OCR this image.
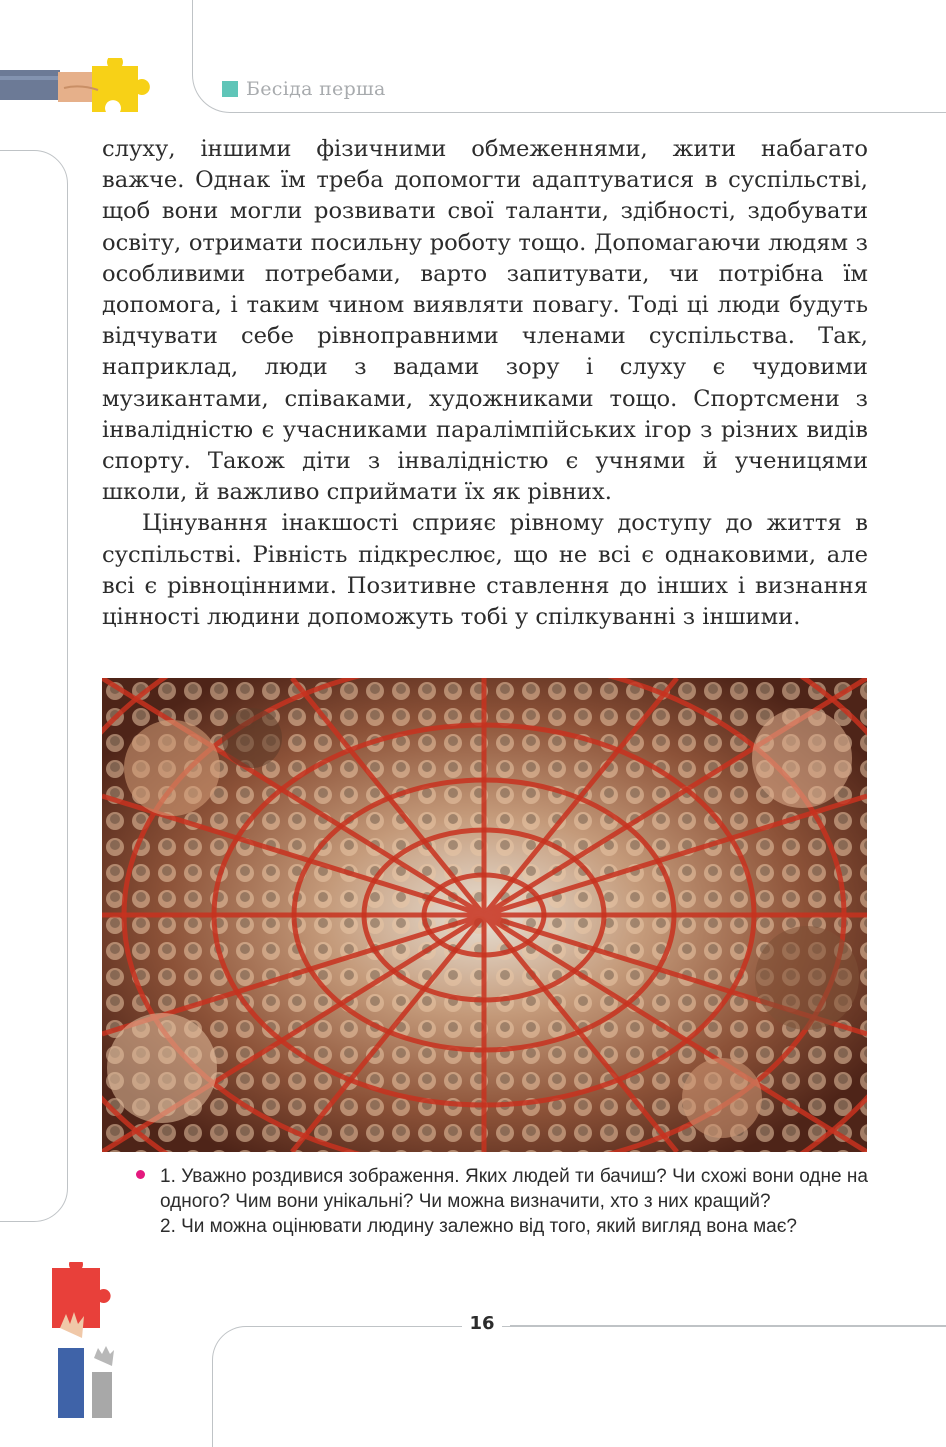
Бесіда перша

слуху, іншими фізичними обмеженнями, жити набагато важче. Однак їм треба допомогти адаптуватися в суспільстві, щоб вони могли розвивати свої таланти, здібності, здобувати освіту, отримати посильну роботу тощо. Допомагаючи людям з особливими потребами, варто запитувати, чи потрібна їм допомога, і таким чином виявляти повагу. Тоді ці люди будуть відчувати себе рівноправними членами суспільства. Так, наприклад, люди з вадами зору і слуху є чудовими музикантами, співаками, художниками тощо. Спортсмени з інвалідністю є учасниками паралімпійських ігор з різних видів спорту. Також діти з інвалідністю є учнями й ученицями школи, й важливо сприймати їх як рівних.

Цінування інакшості сприяє рівному доступу до життя в суспільстві. Рівність підкреслює, що не всі є однаковими, але всі є рівноцінними. Позитивне ставлення до інших і визнання цінності людини допоможуть тобі у спілкуванні з іншими.

1. Уважно роздивися зображення. Яких людей ти бачиш? Чи схожі вони одне на одного? Чим вони унікальні? Чи можна визначити, хто з них кращий?

2. Чи можна оцінювати людину залежно від того, який вигляд вона має?

16
